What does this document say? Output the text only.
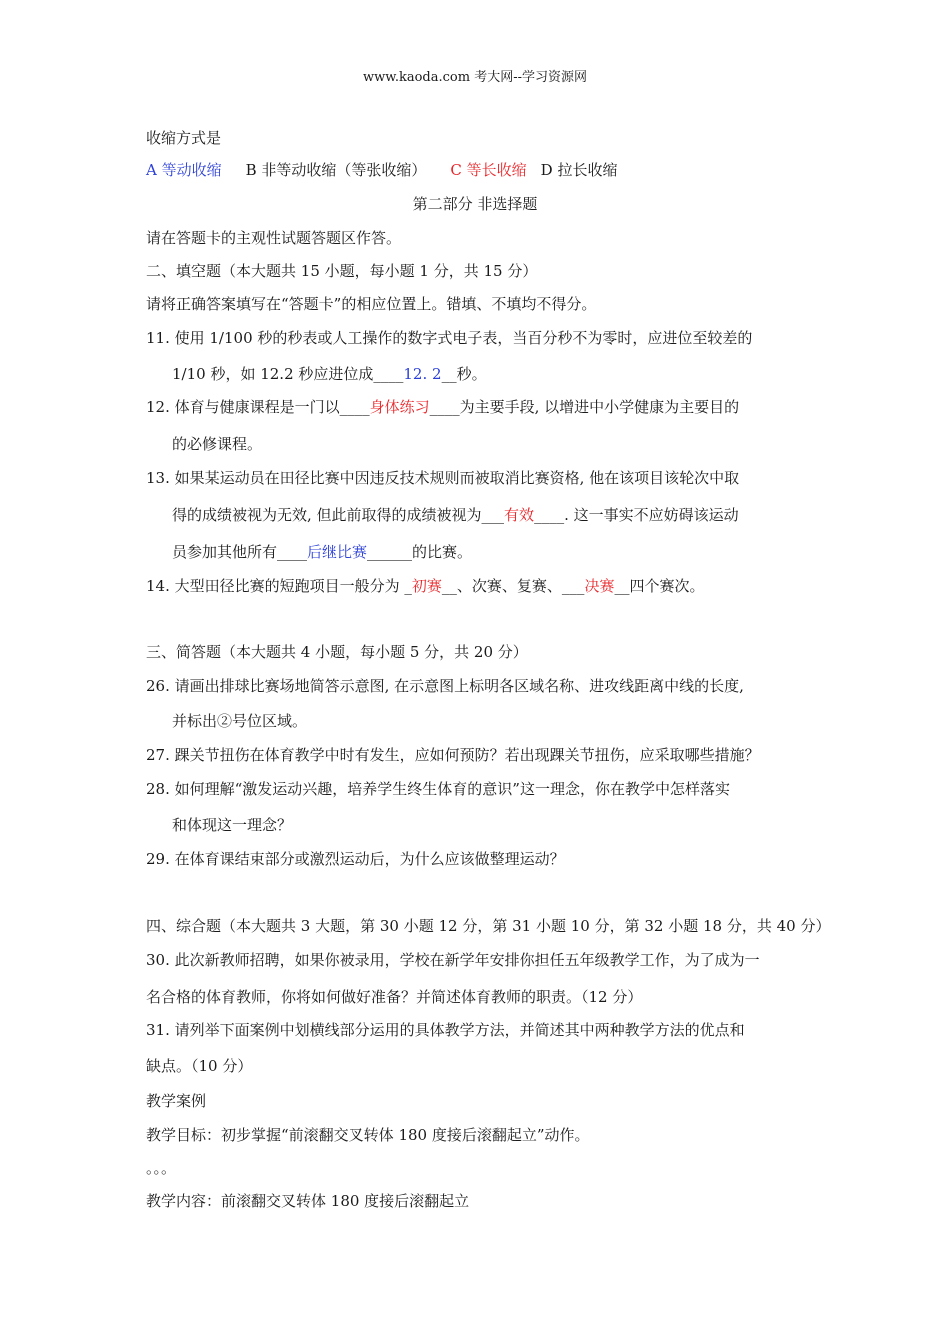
www.kaoda.com 考大网--学习资源网
收缩方式是
A 等动收缩 B 非等动收缩（等张收缩） C 等长收缩 D 拉长收缩
第二部分 非选择题
请在答题卡的主观性试题答题区作答。
二、填空题（本大题共 15 小题，每小题 1 分，共 15 分）
请将正确答案填写在“答题卡”的相应位置上。错填、不填均不得分。
11. 使用 1/100 秒的秒表或人工操作的数字式电子表，当百分秒不为零时，应进位至较差的
1/10 秒，如 12.2 秒应进位成____12. 2__秒。
12. 体育与健康课程是一门以____身体练习____为主要手段, 以增进中小学健康为主要目的
的必修课程。
13. 如果某运动员在田径比赛中因违反技术规则而被取消比赛资格, 他在该项目该轮次中取
得的成绩被视为无效, 但此前取得的成绩被视为___有效____. 这一事实不应妨碍该运动
员参加其他所有____后继比赛______的比赛。
14. 大型田径比赛的短跑项目一般分为 _初赛__、次赛、复赛、___决赛__四个赛次。
三、简答题（本大题共 4 小题，每小题 5 分，共 20 分）
26. 请画出排球比赛场地简答示意图, 在示意图上标明各区域名称、进攻线距离中线的长度,
并标出②号位区域。
27. 踝关节扭伤在体育教学中时有发生，应如何预防？若出现踝关节扭伤，应采取哪些措施？
28. 如何理解“激发运动兴趣，培养学生终生体育的意识”这一理念，你在教学中怎样落实
和体现这一理念？
29. 在体育课结束部分或激烈运动后，为什么应该做整理运动？
四、综合题（本大题共 3 大题，第 30 小题 12 分，第 31 小题 10 分，第 32 小题 18 分，共 40 分）
30. 此次新教师招聘，如果你被录用，学校在新学年安排你担任五年级教学工作，为了成为一
名合格的体育教师，你将如何做好准备？并简述体育教师的职责。（12 分）
31. 请列举下面案例中划横线部分运用的具体教学方法，并简述其中两种教学方法的优点和
缺点。（10 分）
教学案例
教学目标：初步掌握“前滚翻交叉转体 180 度接后滚翻起立”动作。
。。。
教学内容：前滚翻交叉转体 180 度接后滚翻起立
